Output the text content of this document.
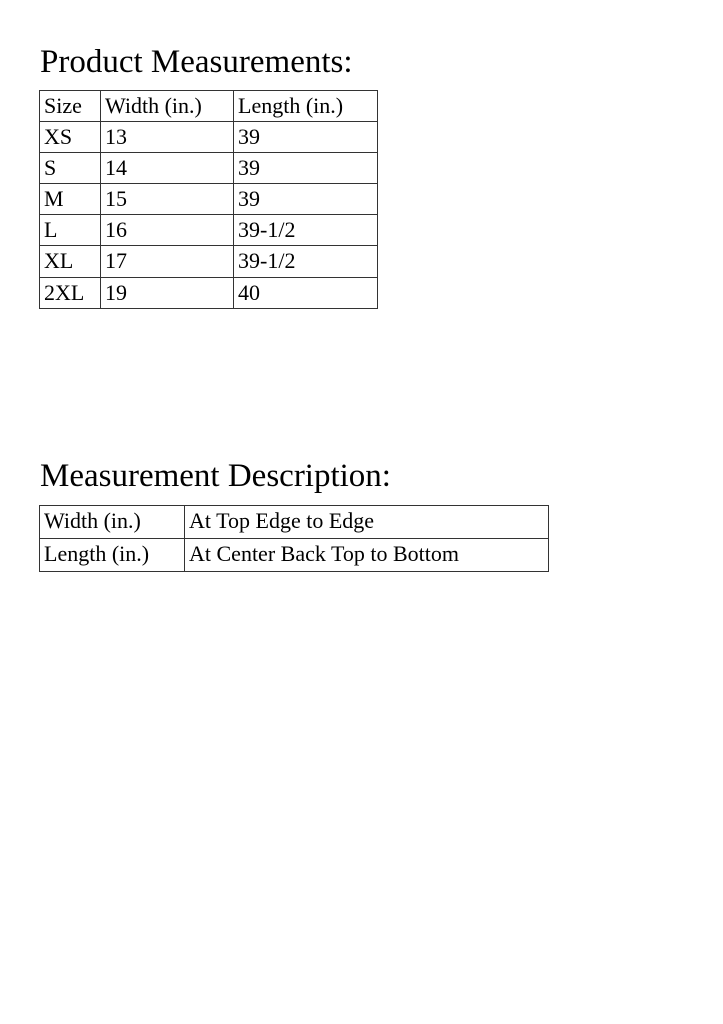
Product Measurements:
Size	Width (in.)	Length (in.)
XS	13	39
S	14	39
M	15	39
L	16	39-1/2
XL	17	39-1/2
2XL	19	40
Measurement Description:
Width (in.)	At Top Edge to Edge
Length (in.)	At Center Back Top to Bottom
